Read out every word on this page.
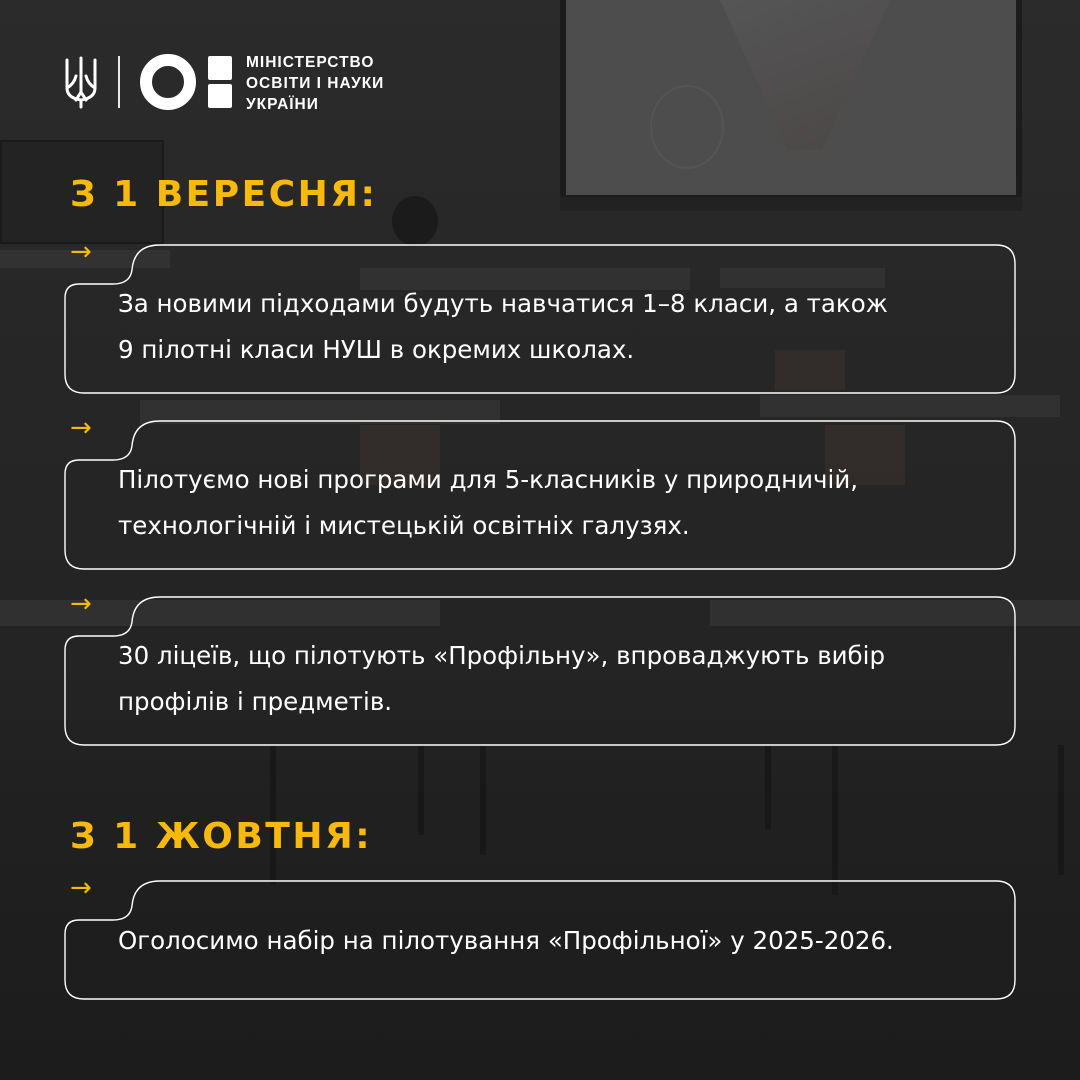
МІНІСТЕРСТВО
ОСВІТИ І НАУКИ
УКРАЇНИ
З 1 ВЕРЕСНЯ:
→
За новими підходами будуть навчатися 1–8 класи, а також
9 пілотні класи НУШ в окремих школах.
→
Пілотуємо нові програми для 5-класників у природничій,
технологічній і мистецькій освітніх галузях.
→
30 ліцеїв, що пілотують «Профільну», впроваджують вибір
профілів і предметів.
З 1 ЖОВТНЯ:
→
Оголосимо набір на пілотування «Профільної» у 2025-2026.
